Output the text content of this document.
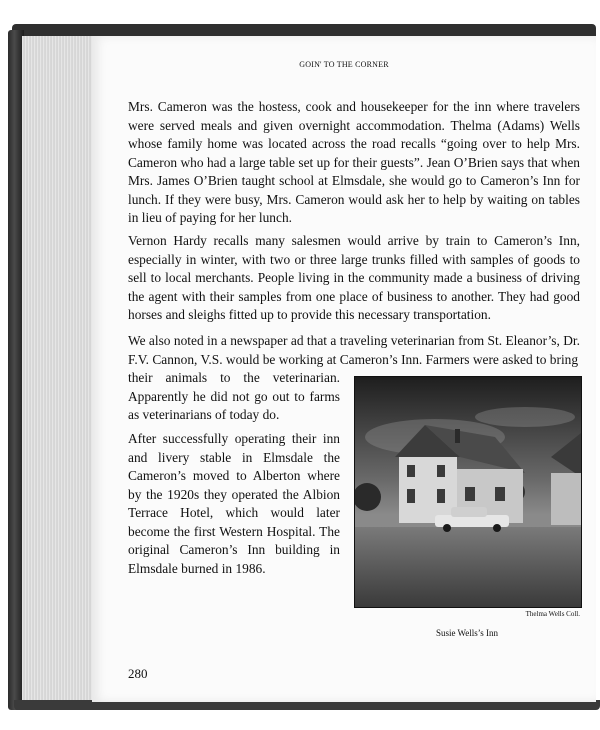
GOIN' TO THE CORNER
Mrs. Cameron was the hostess, cook and housekeeper for the inn where travelers were served meals and given overnight accommodation. Thelma (Adams) Wells whose family home was located across the road recalls “going over to help Mrs. Cameron who had a large table set up for their guests”. Jean O’Brien says that when Mrs. James O’Brien taught school at Elmsdale, she would go to Cameron’s Inn for lunch. If they were busy, Mrs. Cameron would ask her to help by waiting on tables in lieu of paying for her lunch.
Vernon Hardy recalls many salesmen would arrive by train to Cameron’s Inn, especially in winter, with two or three large trunks filled with samples of goods to sell to local merchants. People living in the community made a business of driving the agent with their samples from one place of business to another. They had good horses and sleighs fitted up to provide this necessary transportation.
We also noted in a newspaper ad that a traveling veterinarian from St. Eleanor’s, Dr. F.V. Cannon, V.S. would be working at Cameron’s Inn. Farmers were asked to bring
their animals to the veterinarian. Apparently he did not go out to farms as veterinarians of today do.
After successfully operating their inn and livery stable in Elmsdale the Cameron’s moved to Alberton where by the 1920s they operated the Albion Terrace Hotel, which would later become the first Western Hospital. The original Cameron’s Inn building in Elmsdale burned in 1986.
Thelma Wells Coll.
Susie Wells’s Inn
280
